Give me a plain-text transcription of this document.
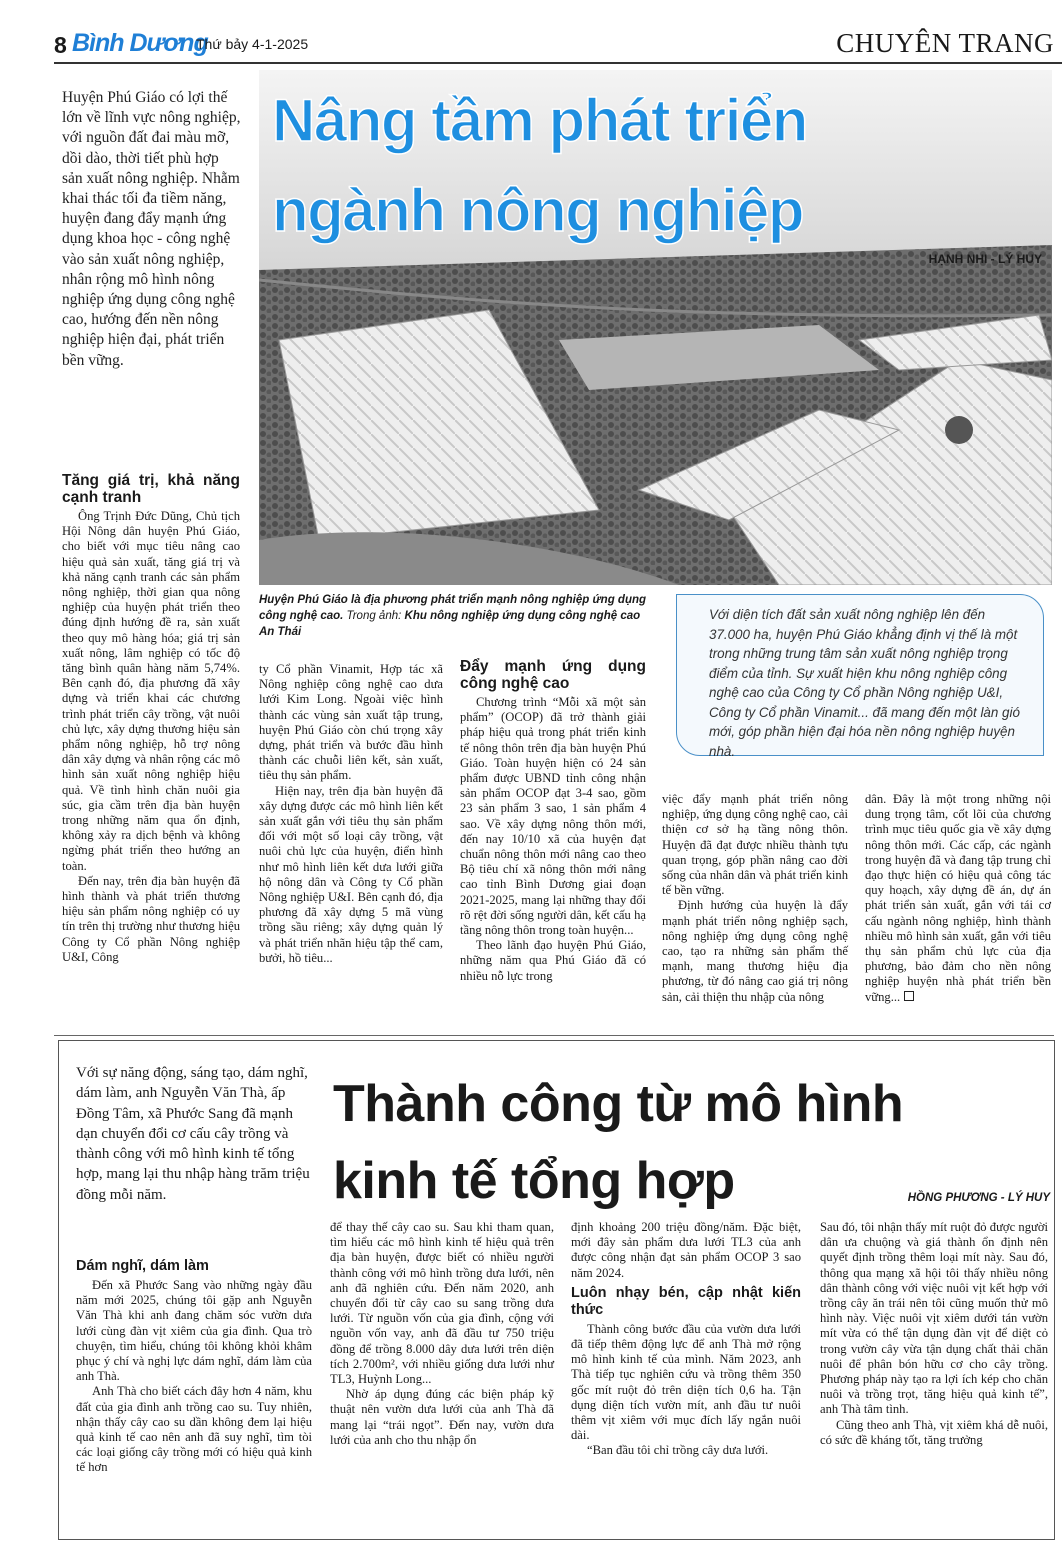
8 Bình Dương
Thứ bảy 4-1-2025	CHUYÊN TRANG
Huyện Phú Giáo có lợi thế lớn về lĩnh vực nông nghiệp, với nguồn đất đai màu mỡ, dồi dào, thời tiết phù hợp sản xuất nông nghiệp. Nhằm khai thác tối đa tiềm năng, huyện đang đẩy mạnh ứng dụng khoa học - công nghệ vào sản xuất nông nghiệp, nhân rộng mô hình nông nghiệp ứng dụng công nghệ cao, hướng đến nền nông nghiệp hiện đại, phát triển bền vững.
Nâng tầm phát triển
ngành nông nghiệp
HẠNH NHI - LÝ HUY
Huyện Phú Giáo là địa phương phát triển mạnh nông nghiệp ứng dụng công nghệ cao. Trong ảnh: Khu nông nghiệp ứng dụng công nghệ cao An Thái
Với diện tích đất sản xuất nông nghiệp lên đến 37.000 ha, huyện Phú Giáo khẳng định vị thế là một trong những trung tâm sản xuất nông nghiệp trọng điểm của tỉnh. Sự xuất hiện khu nông nghiệp công nghệ cao của Công ty Cổ phần Nông nghiệp U&I, Công ty Cổ phần Vinamit... đã mang đến một làn gió mới, góp phần hiện đại hóa nền nông nghiệp huyện nhà.
Tăng giá trị, khả năng cạnh tranh

Ông Trịnh Đức Dũng, Chủ tịch Hội Nông dân huyện Phú Giáo, cho biết với mục tiêu nâng cao hiệu quả sản xuất, tăng giá trị và khả năng cạnh tranh các sản phẩm nông nghiệp, thời gian qua nông nghiệp của huyện phát triển theo đúng định hướng đề ra, sản xuất theo quy mô hàng hóa; giá trị sản xuất nông, lâm nghiệp có tốc độ tăng bình quân hàng năm 5,74%. Bên cạnh đó, địa phương đã xây dựng và triển khai các chương trình phát triển cây trồng, vật nuôi chủ lực, xây dựng thương hiệu sản phẩm nông nghiệp, hỗ trợ nông dân xây dựng và nhân rộng các mô hình sản xuất nông nghiệp hiệu quả. Về tình hình chăn nuôi gia súc, gia cầm trên địa bàn huyện trong những năm qua ổn định, không xảy ra dịch bệnh và không ngừng phát triển theo hướng an toàn.

Đến nay, trên địa bàn huyện đã hình thành và phát triển thương hiệu sản phẩm nông nghiệp có uy tín trên thị trường như thương hiệu Công ty Cổ phần Nông nghiệp U&I, Công

ty Cổ phần Vinamit, Hợp tác xã Nông nghiệp công nghệ cao dưa lưới Kim Long. Ngoài việc hình thành các vùng sản xuất tập trung, huyện Phú Giáo còn chú trọng xây dựng, phát triển và bước đầu hình thành các chuỗi liên kết, sản xuất, tiêu thụ sản phẩm.

Hiện nay, trên địa bàn huyện đã xây dựng được các mô hình liên kết sản xuất gắn với tiêu thụ sản phẩm đối với một số loại cây trồng, vật nuôi chủ lực của huyện, điển hình như mô hình liên kết dưa lưới giữa hộ nông dân và Công ty Cổ phần Nông nghiệp U&I. Bên cạnh đó, địa phương đã xây dựng 5 mã vùng trồng sầu riêng; xây dựng quản lý và phát triển nhãn hiệu tập thể cam, bưởi, hồ tiêu...

Đẩy mạnh ứng dụng công nghệ cao

Chương trình “Mỗi xã một sản phẩm” (OCOP) đã trở thành giải pháp hiệu quả trong phát triển kinh tế nông thôn trên địa bàn huyện Phú Giáo. Toàn huyện hiện có 24 sản phẩm được UBND tỉnh công nhận sản phẩm OCOP đạt 3-4 sao, gồm 23 sản phẩm 3 sao, 1 sản phẩm 4 sao. Về xây dựng nông thôn mới, đến nay 10/10 xã của huyện đạt chuẩn nông thôn mới nâng cao theo Bộ tiêu chí xã nông thôn mới nâng cao tỉnh Bình Dương giai đoạn 2021-2025, mang lại những thay đổi rõ rệt đời sống người dân, kết cấu hạ tầng nông thôn trong toàn huyện...

Theo lãnh đạo huyện Phú Giáo, những năm qua Phú Giáo đã có nhiều nỗ lực trong

việc đẩy mạnh phát triển nông nghiệp, ứng dụng công nghệ cao, cải thiện cơ sở hạ tầng nông thôn. Huyện đã đạt được nhiều thành tựu quan trọng, góp phần nâng cao đời sống của nhân dân và phát triển kinh tế bền vững.

Định hướng của huyện là đẩy mạnh phát triển nông nghiệp sạch, nông nghiệp ứng dụng công nghệ cao, tạo ra những sản phẩm thế mạnh, mang thương hiệu địa phương, từ đó nâng cao giá trị nông sản, cải thiện thu nhập của nông

dân. Đây là một trong những nội dung trọng tâm, cốt lõi của chương trình mục tiêu quốc gia về xây dựng nông thôn mới. Các cấp, các ngành trong huyện đã và đang tập trung chỉ đạo thực hiện có hiệu quả công tác quy hoạch, xây dựng đề án, dự án phát triển sản xuất, gắn với tái cơ cấu ngành nông nghiệp, hình thành nhiều mô hình sản xuất, gắn với tiêu thụ sản phẩm chủ lực của địa phương, bảo đảm cho nền nông nghiệp huyện nhà phát triển bền vững...

Với sự năng động, sáng tạo, dám nghĩ, dám làm, anh Nguyễn Văn Thà, ấp Đồng Tâm, xã Phước Sang đã mạnh dạn chuyển đổi cơ cấu cây trồng và thành công với mô hình kinh tế tổng hợp, mang lại thu nhập hàng trăm triệu đồng mỗi năm.
Thành công từ mô hình
kinh tế tổng hợp	HỒNG PHƯƠNG - LÝ HUY
Dám nghĩ, dám làm

Đến xã Phước Sang vào những ngày đầu năm mới 2025, chúng tôi gặp anh Nguyễn Văn Thà khi anh đang chăm sóc vườn dưa lưới cùng đàn vịt xiêm của gia đình. Qua trò chuyện, tìm hiểu, chúng tôi không khỏi khâm phục ý chí và nghị lực dám nghĩ, dám làm của anh Thà.

Anh Thà cho biết cách đây hơn 4 năm, khu đất của gia đình anh trồng cao su. Tuy nhiên, nhận thấy cây cao su dần không đem lại hiệu quả kinh tế cao nên anh đã suy nghĩ, tìm tòi các loại giống cây trồng mới có hiệu quả kinh tế hơn

để thay thế cây cao su. Sau khi tham quan, tìm hiểu các mô hình kinh tế hiệu quả trên địa bàn huyện, được biết có nhiều người thành công với mô hình trồng dưa lưới, nên anh đã nghiên cứu. Đến năm 2020, anh chuyển đổi từ cây cao su sang trồng dưa lưới. Từ nguồn vốn của gia đình, cộng với nguồn vốn vay, anh đã đầu tư 750 triệu đồng để trồng 8.000 dây dưa lưới trên diện tích 2.700m², với nhiều giống dưa lưới như TL3, Huỳnh Long...

Nhờ áp dụng đúng các biện pháp kỹ thuật nên vườn dưa lưới của anh Thà đã mang lại “trái ngọt”. Đến nay, vườn dưa lưới của anh cho thu nhập ổn

định khoảng 200 triệu đồng/năm. Đặc biệt, mới đây sản phẩm dưa lưới TL3 của anh được công nhận đạt sản phẩm OCOP 3 sao năm 2024.

Luôn nhạy bén, cập nhật kiến thức

Thành công bước đầu của vườn dưa lưới đã tiếp thêm động lực để anh Thà mở rộng mô hình kinh tế của mình. Năm 2023, anh Thà tiếp tục nghiên cứu và trồng thêm 350 gốc mít ruột đỏ trên diện tích 0,6 ha. Tận dụng diện tích vườn mít, anh đầu tư nuôi thêm vịt xiêm với mục đích lấy ngắn nuôi dài.

“Ban đầu tôi chỉ trồng cây dưa lưới.

Sau đó, tôi nhận thấy mít ruột đỏ được người dân ưa chuộng và giá thành ổn định nên quyết định trồng thêm loại mít này. Sau đó, thông qua mạng xã hội tôi thấy nhiều nông dân thành công với việc nuôi vịt kết hợp với trồng cây ăn trái nên tôi cũng muốn thử mô hình này. Việc nuôi vịt xiêm dưới tán vườn mít vừa có thể tận dụng đàn vịt để diệt cỏ trong vườn cây vừa tận dụng chất thải chăn nuôi để phân bón hữu cơ cho cây trồng. Phương pháp này tạo ra lợi ích kép cho chăn nuôi và trồng trọt, tăng hiệu quả kinh tế”, anh Thà tâm tình.

Cũng theo anh Thà, vịt xiêm khá dễ nuôi, có sức đề kháng tốt, tăng trưởng
